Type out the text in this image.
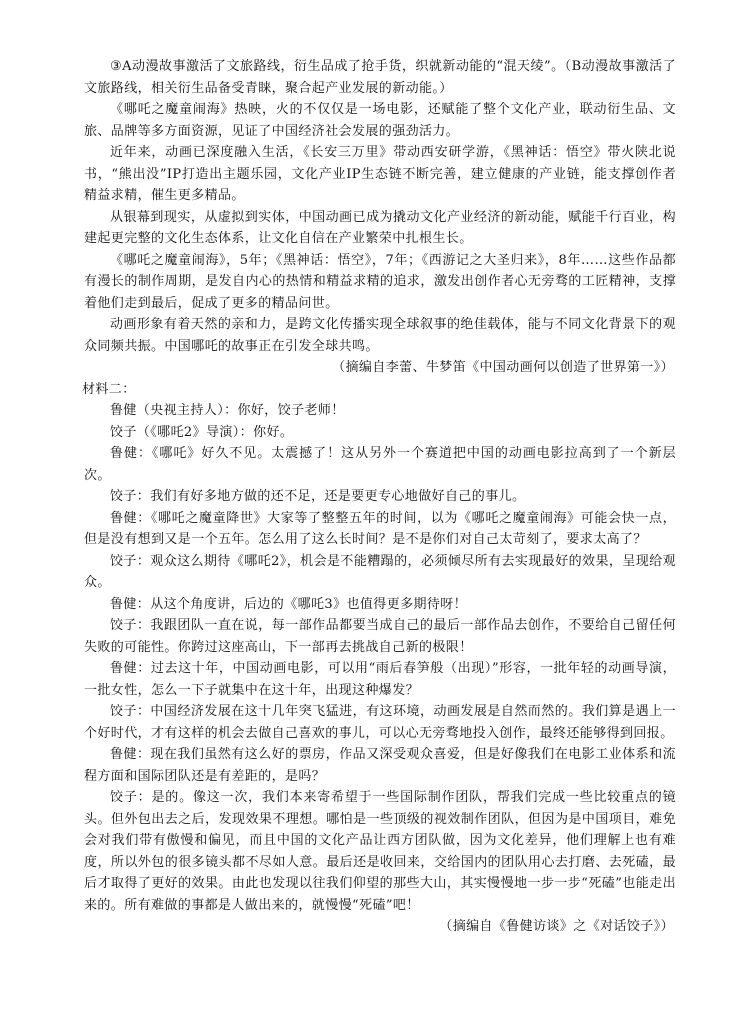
③A动漫故事激活了文旅路线，衍生品成了抢手货，织就新动能的“混天绫”。（B动漫故事激活了文旅路线，相关衍生品备受青睐，聚合起产业发展的新动能。）

《哪吒之魔童闹海》热映，火的不仅仅是一场电影，还赋能了整个文化产业，联动衍生品、文旅、品牌等多方面资源，见证了中国经济社会发展的强劲活力。

近年来，动画已深度融入生活，《长安三万里》带动西安研学游，《黑神话：悟空》带火陕北说书，“熊出没”IP打造出主题乐园，文化产业IP生态链不断完善，建立健康的产业链，能支撑创作者精益求精，催生更多精品。

从银幕到现实，从虚拟到实体，中国动画已成为撬动文化产业经济的新动能，赋能千行百业，构建起更完整的文化生态体系，让文化自信在产业繁荣中扎根生长。

《哪吒之魔童闹海》，5年；《黑神话：悟空》，7年；《西游记之大圣归来》，8年……这些作品都有漫长的制作周期，是发自内心的热情和精益求精的追求，激发出创作者心无旁骛的工匠精神，支撑着他们走到最后，促成了更多的精品问世。

动画形象有着天然的亲和力，是跨文化传播实现全球叙事的绝佳载体，能与不同文化背景下的观众同频共振。中国哪吒的故事正在引发全球共鸣。

（摘编自李蕾、牛梦笛《中国动画何以创造了世界第一》）

材料二：

鲁健（央视主持人）：你好，饺子老师！

饺子（《哪吒2》导演）：你好。

鲁健：《哪吒》好久不见。太震撼了！这从另外一个赛道把中国的动画电影拉高到了一个新层次。

饺子：我们有好多地方做的还不足，还是要更专心地做好自己的事儿。

鲁健：《哪吒之魔童降世》大家等了整整五年的时间，以为《哪吒之魔童闹海》可能会快一点，但是没有想到又是一个五年。怎么用了这么长时间？是不是你们对自己太苛刻了，要求太高了？

饺子：观众这么期待《哪吒2》，机会是不能糟蹋的，必须倾尽所有去实现最好的效果，呈现给观众。

鲁健：从这个角度讲，后边的《哪吒3》也值得更多期待呀！

饺子：我跟团队一直在说，每一部作品都要当成自己的最后一部作品去创作，不要给自己留任何失败的可能性。你跨过这座高山，下一部再去挑战自己新的极限！

鲁健：过去这十年，中国动画电影，可以用“雨后春笋般（出现）”形容，一批年轻的动画导演，一批女性，怎么一下子就集中在这十年，出现这种爆发？

饺子：中国经济发展在这十几年突飞猛进，有这环境，动画发展是自然而然的。我们算是遇上一个好时代，才有这样的机会去做自己喜欢的事儿，可以心无旁骛地投入创作，最终还能够得到回报。

鲁健：现在我们虽然有这么好的票房，作品又深受观众喜爱，但是好像我们在电影工业体系和流程方面和国际团队还是有差距的，是吗？

饺子：是的。像这一次，我们本来寄希望于一些国际制作团队，帮我们完成一些比较重点的镜头。但外包出去之后，发现效果不理想。哪怕是一些顶级的视效制作团队，但因为是中国项目，难免会对我们带有傲慢和偏见，而且中国的文化产品让西方团队做，因为文化差异，他们理解上也有难度，所以外包的很多镜头都不尽如人意。最后还是收回来，交给国内的团队用心去打磨、去死磕，最后才取得了更好的效果。由此也发现以往我们仰望的那些大山，其实慢慢地一步一步“死磕”也能走出来的。所有难做的事都是人做出来的，就慢慢“死磕”吧！

（摘编自《鲁健访谈》之《对话饺子》）
